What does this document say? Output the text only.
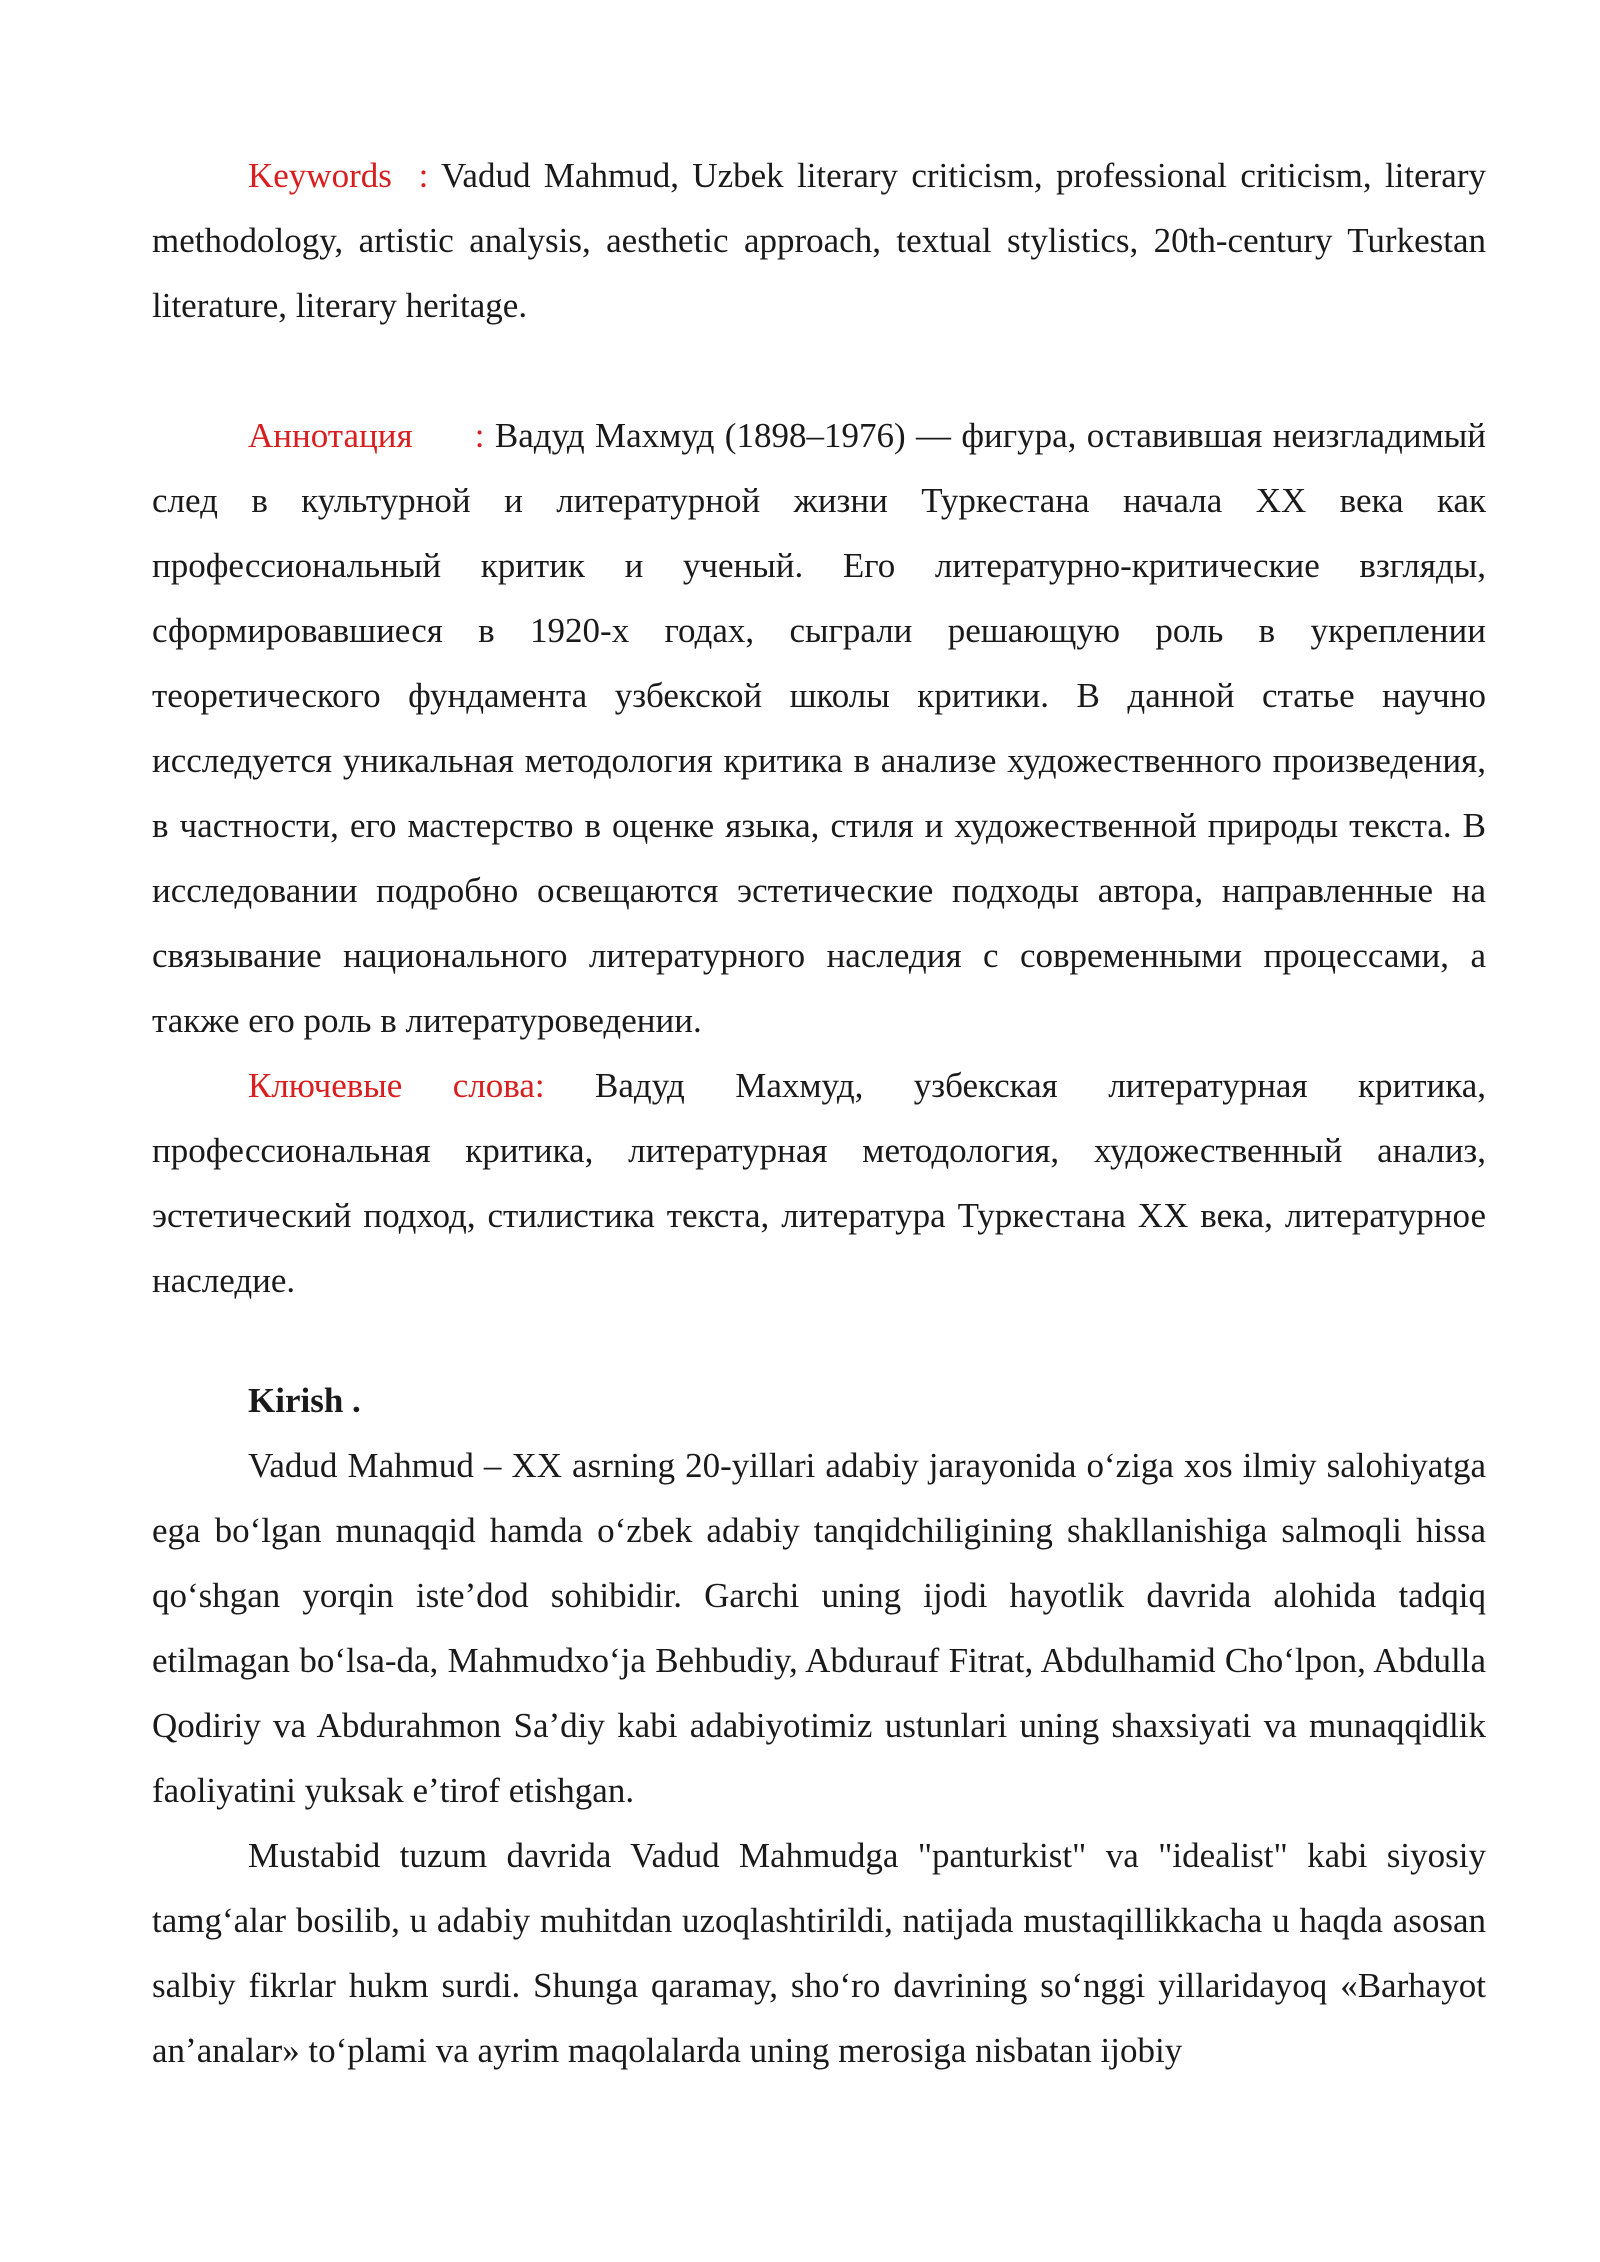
Keywords  : Vadud Mahmud, Uzbek literary criticism, professional criticism, literary methodology, artistic analysis, aesthetic approach, textual stylistics, 20th-century Turkestan literature, literary heritage.

Аннотация      : Вадуд Махмуд (1898–1976) — фигура, оставившая неизгладимый след в культурной и литературной жизни Туркестана начала XX века как профессиональный критик и ученый. Его литературно-критические взгляды, сформировавшиеся в 1920-х годах, сыграли решающую роль в укреплении теоретического фундамента узбекской школы критики. В данной статье научно исследуется уникальная методология критика в анализе художественного произведения, в частности, его мастерство в оценке языка, стиля и художественной природы текста. В исследовании подробно освещаются эстетические подходы автора, направленные на связывание национального литературного наследия с современными процессами, а также его роль в литературоведении.

Ключевые слова: Вадуд Махмуд, узбекская литературная критика, профессиональная критика, литературная методология, художественный анализ, эстетический подход, стилистика текста, литература Туркестана XX века, литературное наследие.

Kirish .

Vadud Mahmud – XX asrning 20-yillari adabiy jarayonida oʻziga xos ilmiy salohiyatga ega boʻlgan munaqqid hamda oʻzbek adabiy tanqidchiligining shakllanishiga salmoqli hissa qoʻshgan yorqin isteʼdod sohibidir. Garchi uning ijodi hayotlik davrida alohida tadqiq etilmagan boʻlsa-da, Mahmudxoʻja Behbudiy, Abdurauf Fitrat, Abdulhamid Choʻlpon, Abdulla Qodiriy va Abdurahmon Saʼdiy kabi adabiyotimiz ustunlari uning shaxsiyati va munaqqidlik faoliyatini yuksak eʼtirof etishgan.

Mustabid tuzum davrida Vadud Mahmudga "panturkist" va "idealist" kabi siyosiy tamgʻalar bosilib, u adabiy muhitdan uzoqlashtirildi, natijada mustaqillikkacha u haqda asosan salbiy fikrlar hukm surdi. Shunga qaramay, shoʻro davrining soʻnggi yillaridayoq «Barhayot anʼanalar» toʻplami va ayrim maqolalarda uning merosiga nisbatan ijobiy
